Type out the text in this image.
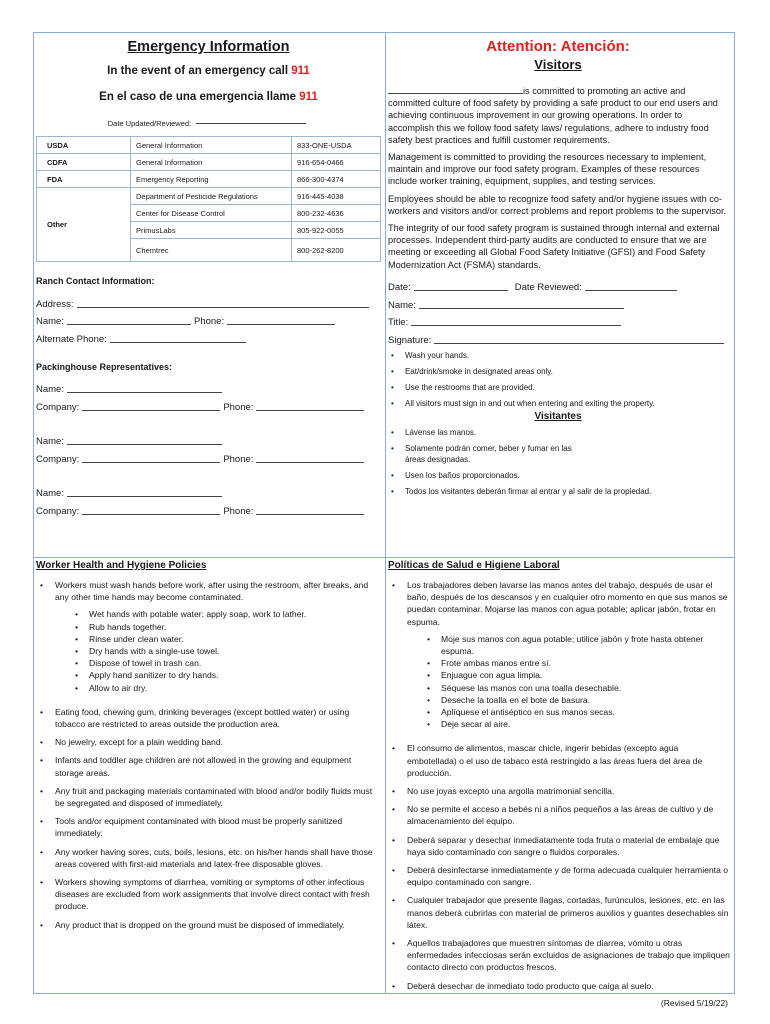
Emergency Information
In the event of an emergency call 911
En el caso de una emergencia llame 911
Date Updated/Reviewed:
USDA	General Information	833-ONE-USDA
CDFA	General Information	916-654-0466
FDA	Emergency Reporting	866-300-4374
Other	Department of Pesticide Regulations	916-445-4038
	Center for Disease Control	800-232-4636
	PrimusLabs	805-922-0055
	Chemtrec	800-262-8200
Ranch Contact Information:
Address:
Name:	Phone:
Alternate Phone:
Packinghouse Representatives:
Name:
Company:	Phone:
Name:
Company:	Phone:
Name:
Company:	Phone:
Attention: Atención:
Visitors
is committed to promoting an active and committed culture of food safety by providing a safe product to our end users and achieving continuous improvement in our growing operations. In order to accomplish this we follow food safety laws/ regulations, adhere to industry food safety best practices and fulfill customer requirements.
Management is committed to providing the resources necessary to implement, maintain and improve our food safety program. Examples of these resources include worker training, equipment, supplies, and testing services.
Employees should be able to recognize food safety and/or hygiene issues with co-workers and visitors and/or correct problems and report problems to the supervisor.
The integrity of our food safety program is sustained through internal and external processes. Independent third-party audits are conducted to ensure that we are meeting or exceeding all Global Food Safety Initiative (GFSI) and Food Safety Modernization Act (FSMA) standards.
Date:	Date Reviewed:
Name:
Title:
Signature:
• Wash your hands.
• Eat/drink/smoke in designated areas only.
• Use the restrooms that are provided.
• All visitors must sign in and out when entering and exiting the property.
Visitantes
• Lávense las manos.
• Solamente podrán comer, beber y fumar en las áreas designadas.
• Usen los baños proporcionados.
• Todos los visitantes deberán firmar al entrar y al salir de la propiedad.
Worker Health and Hygiene Policies
• Workers must wash hands before work, after using the restroom, after breaks, and any other time hands may become contaminated.
• Wet hands with potable water; apply soap, work to lather.
• Rub hands together.
• Rinse under clean water.
• Dry hands with a single-use towel.
• Dispose of towel in trash can.
• Apply hand sanitizer to dry hands.
• Allow to air dry.
• Eating food, chewing gum, drinking beverages (except bottled water) or using tobacco are restricted to areas outside the production area.
• No jewelry, except for a plain wedding band.
• Infants and toddler age children are not allowed in the growing and equipment storage areas.
• Any fruit and packaging materials contaminated with blood and/or bodily fluids must be segregated and disposed of immediately.
• Tools and/or equipment contaminated with blood must be properly sanitized immediately.
• Any worker having sores, cuts, boils, lesions, etc. on his/her hands shall have those areas covered with first-aid materials and latex-free disposable gloves.
• Workers showing symptoms of diarrhea, vomiting or symptoms of other infectious diseases are excluded from work assignments that involve direct contact with fresh produce.
• Any product that is dropped on the ground must be disposed of immediately.
Políticas de Salud e Higiene Laboral
• Los trabajadores deben lavarse las manos antes del trabajo, después de usar el baño, después de los descansos y en cualquier otro momento en que sus manos se puedan contaminar. Mojarse las manos con agua potable; aplicar jabón, frotar en espuma.
• Moje sus manos con agua potable; utilice jabón y frote hasta obtener espuma.
• Frote ambas manos entre sí.
• Enjuague con agua limpia.
• Séquese las manos con una toalla desechable.
• Deseche la toalla en el bote de basura.
• Aplíquese el antiséptico en sus manos secas.
• Deje secar al aire.
• El consumo de alimentos, mascar chicle, ingerir bebidas (excepto agua embotellada) o el uso de tabaco está restringido a las áreas fuera del área de producción.
• No use joyas excepto una argolla matrimonial sencilla.
• No se permite el acceso a bebés ni a niños pequeños a las áreas de cultivo y de almacenamiento del equipo.
• Deberá separar y desechar inmediatamente toda fruta o material de embalaje que haya sido contaminado con sangre o fluidos corporales.
• Deberá desinfectarse inmediatamente y de forma adecuada cualquier herramienta o equipo contaminado con sangre.
• Cualquier trabajador que presente llagas, cortadas, furúnculos, lesiones, etc. en las manos deberá cubrirlas con material de primeros auxilios y guantes desechables sin látex.
• Aquellos trabajadores que muestren síntomas de diarrea, vómito u otras enfermedades infecciosas serán excluidos de asignaciones de trabajo que impliquen contacto directo con productos frescos.
• Deberá desechar de inmediato todo producto que caiga al suelo.
(Revised 5/19/22)
